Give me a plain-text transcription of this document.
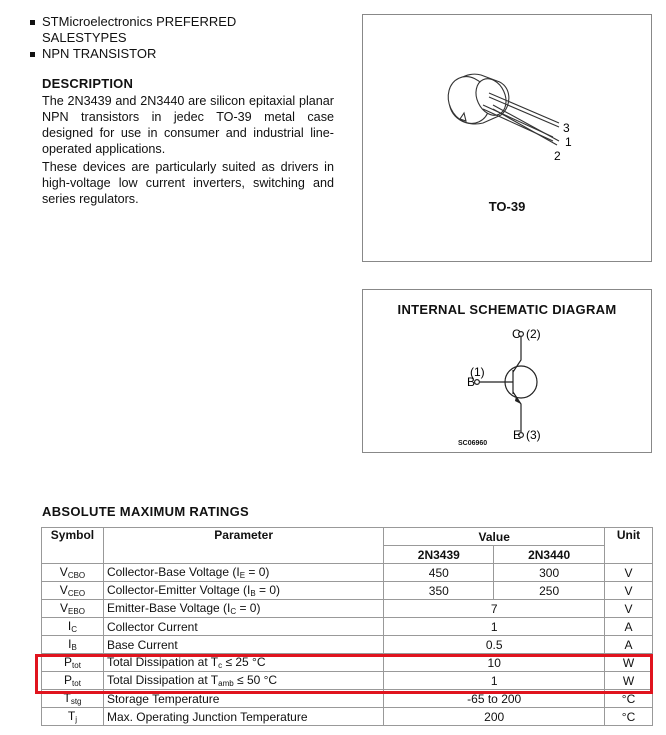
STMicroelectronics PREFERRED SALESTYPES
NPN TRANSISTOR
DESCRIPTION

The 2N3439 and 2N3440 are silicon epitaxial planar NPN transistors in jedec TO-39 metal case designed for use in consumer and industrial line-operated applications.

These devices are particularly suited as drivers in high-voltage low current inverters, switching and series regulators.

3
1
2
TO-39
INTERNAL SCHEMATIC DIAGRAM
C (2)
B
(1)
E (3)
SC06960
ABSOLUTE MAXIMUM RATINGS
Symbol	Parameter	Value		Unit
		2N3439	2N3440	
$V_{CBO}$	Collector-Base Voltage $(I_E = 0)$	450	300	V
$V_{CEO}$	Collector-Emitter Voltage $(I_B = 0)$	350	250	V
$V_{EBO}$	Emitter-Base Voltage $(I_C = 0)$	7		V
$I_C$	Collector Current	1		A
$I_B$	Base Current	0.5		A
$P_{tot}$	Total Dissipation at $T_c \le 25$ °C	10		W
$P_{tot}$	Total Dissipation at $T_{amb} \le 50$ °C	1		W
$T_{stg}$	Storage Temperature	-65 to 200		°C
$T_j$	Max. Operating Junction Temperature	200		°C
